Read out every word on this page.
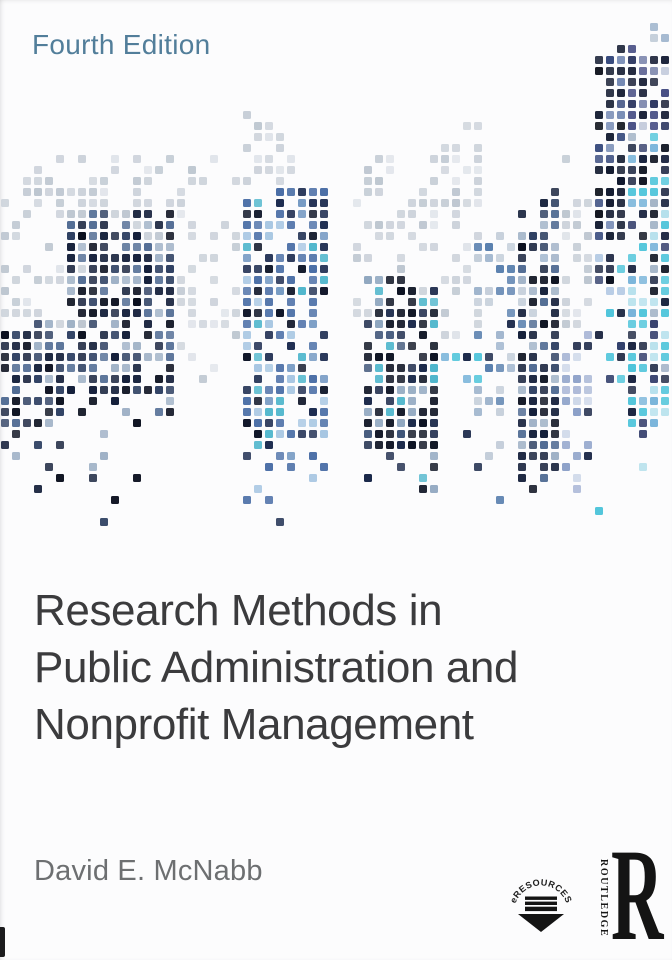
Fourth Edition
Research Methods in
Public Administration and
Nonprofit Management
David E. McNabb
eRESOURCES ROUTLEDGE R
